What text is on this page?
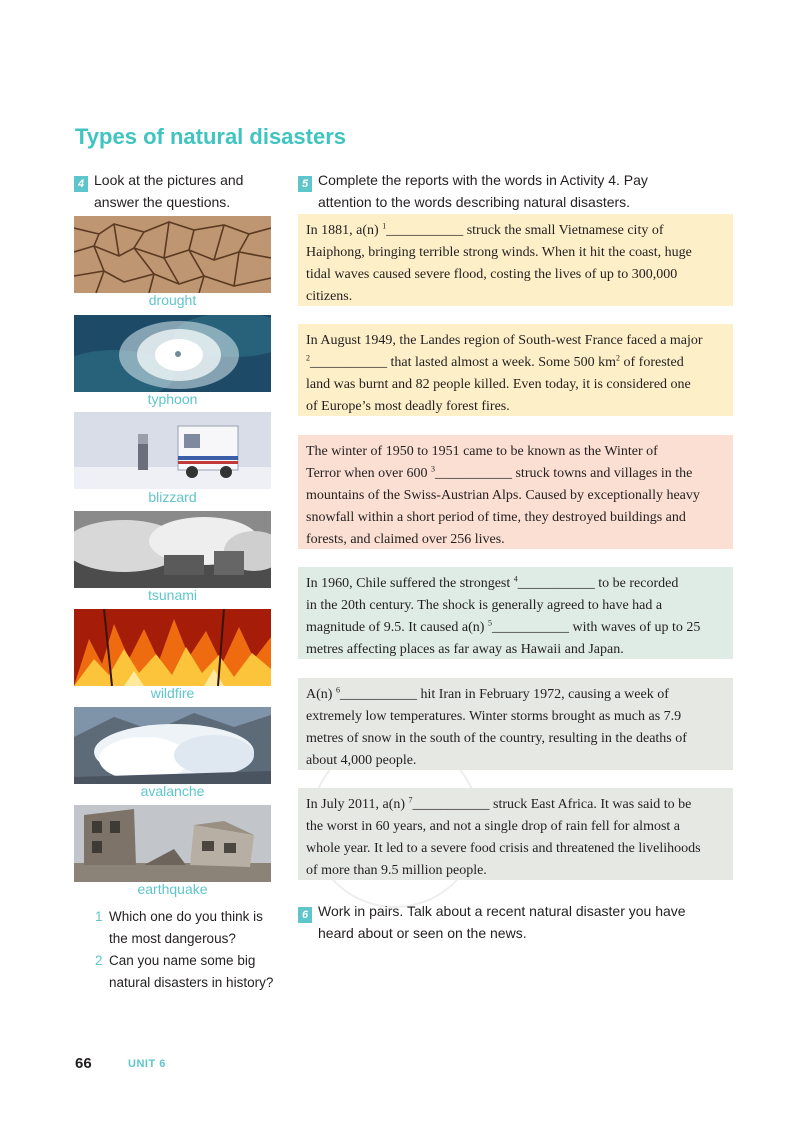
Types of natural disasters
4 Look at the pictures and
answer the questions.
drought
typhoon
blizzard
tsunami
wildfire
avalanche
earthquake
1 Which one do you think is
the most dangerous?
2 Can you name some big
natural disasters in history?
5 Complete the reports with the words in Activity 4. Pay
attention to the words describing natural disasters.

In 1881, a(n) $^1$___________ struck the small Vietnamese city of

Haiphong, bringing terrible strong winds. When it hit the coast, huge

tidal waves caused severe flood, costing the lives of up to 300,000

citizens.

In August 1949, the Landes region of South-west France faced a major

$^2$___________ that lasted almost a week. Some 500 $km^2$ of forested

land was burnt and 82 people killed. Even today, it is considered one

of Europe’s most deadly forest fires.

The winter of 1950 to 1951 came to be known as the Winter of

Terror when over 600 $^3$___________ struck towns and villages in the

mountains of the Swiss-Austrian Alps. Caused by exceptionally heavy

snowfall within a short period of time, they destroyed buildings and

forests, and claimed over 256 lives.

In 1960, Chile suffered the strongest $^4$___________ to be recorded

in the 20th century. The shock is generally agreed to have had a

magnitude of 9.5. It caused a(n) $^5$___________ with waves of up to 25

metres affecting places as far away as Hawaii and Japan.

A(n) $^6$___________ hit Iran in February 1972, causing a week of

extremely low temperatures. Winter storms brought as much as 7.9

metres of snow in the south of the country, resulting in the deaths of

about 4,000 people.

In July 2011, a(n) $^7$___________ struck East Africa. It was said to be

the worst in 60 years, and not a single drop of rain fell for almost a

whole year. It led to a severe food crisis and threatened the livelihoods

of more than 9.5 million people.

6 Work in pairs. Talk about a recent natural disaster you have
heard about or seen on the news.
66	UNIT 6
